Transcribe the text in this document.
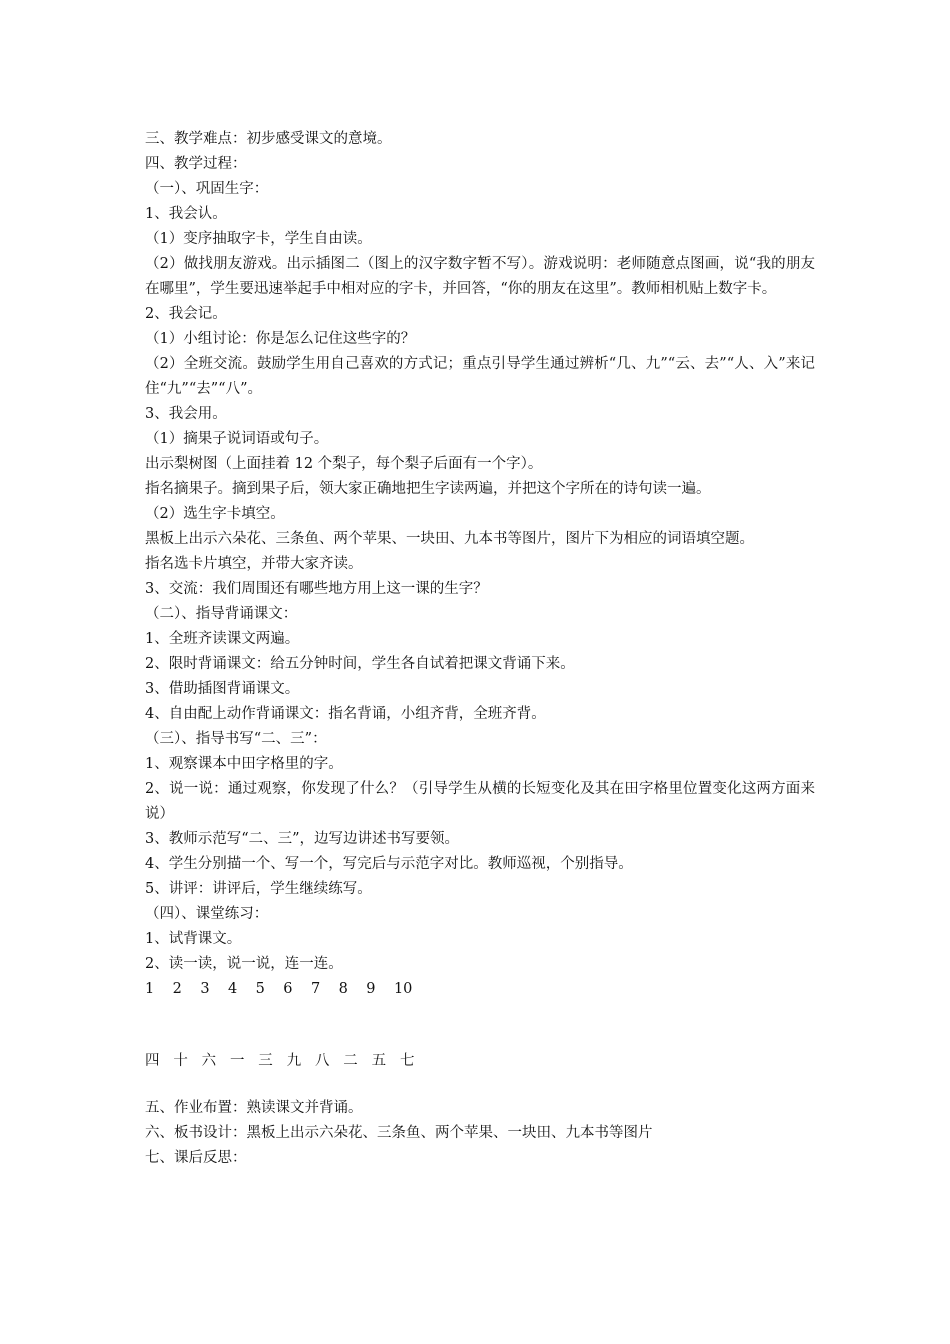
三、教学难点：初步感受课文的意境。
四、教学过程：
（一）、巩固生字：
1、我会认。
（1）变序抽取字卡，学生自由读。
（2）做找朋友游戏。出示插图二（图上的汉字数字暂不写）。游戏说明：老师随意点图画，说“我的朋友在哪里”，学生要迅速举起手中相对应的字卡，并回答，“你的朋友在这里”。教师相机贴上数字卡。
2、我会记。
（1）小组讨论：你是怎么记住这些字的？
（2）全班交流。鼓励学生用自己喜欢的方式记；重点引导学生通过辨析“几、九”“云、去”“人、入”来记住“九”“去”“八”。
3、我会用。
（1）摘果子说词语或句子。
出示梨树图（上面挂着 12 个梨子，每个梨子后面有一个字）。
指名摘果子。摘到果子后，领大家正确地把生字读两遍，并把这个字所在的诗句读一遍。
（2）选生字卡填空。
黑板上出示六朵花、三条鱼、两个苹果、一块田、九本书等图片，图片下为相应的词语填空题。
指名选卡片填空，并带大家齐读。
3、交流：我们周围还有哪些地方用上这一课的生字？
（二）、指导背诵课文：
1、全班齐读课文两遍。
2、限时背诵课文：给五分钟时间，学生各自试着把课文背诵下来。
3、借助插图背诵课文。
4、自由配上动作背诵课文：指名背诵，小组齐背，全班齐背。
（三）、指导书写“二、三”：
1、观察课本中田字格里的字。
2、说一说：通过观察，你发现了什么？（引导学生从横的长短变化及其在田字格里位置变化这两方面来说）
3、教师示范写“二、三”，边写边讲述书写要领。
4、学生分别描一个、写一个，写完后与示范字对比。教师巡视，个别指导。
5、讲评：讲评后，学生继续练写。
（四）、课堂练习：
1、试背课文。
2、读一读，说一说，连一连。
1    2    3    4    5    6    7    8    9    10
四   十   六   一   三   九   八   二   五   七
五、作业布置：熟读课文并背诵。
六、板书设计：黑板上出示六朵花、三条鱼、两个苹果、一块田、九本书等图片
七、课后反思：
